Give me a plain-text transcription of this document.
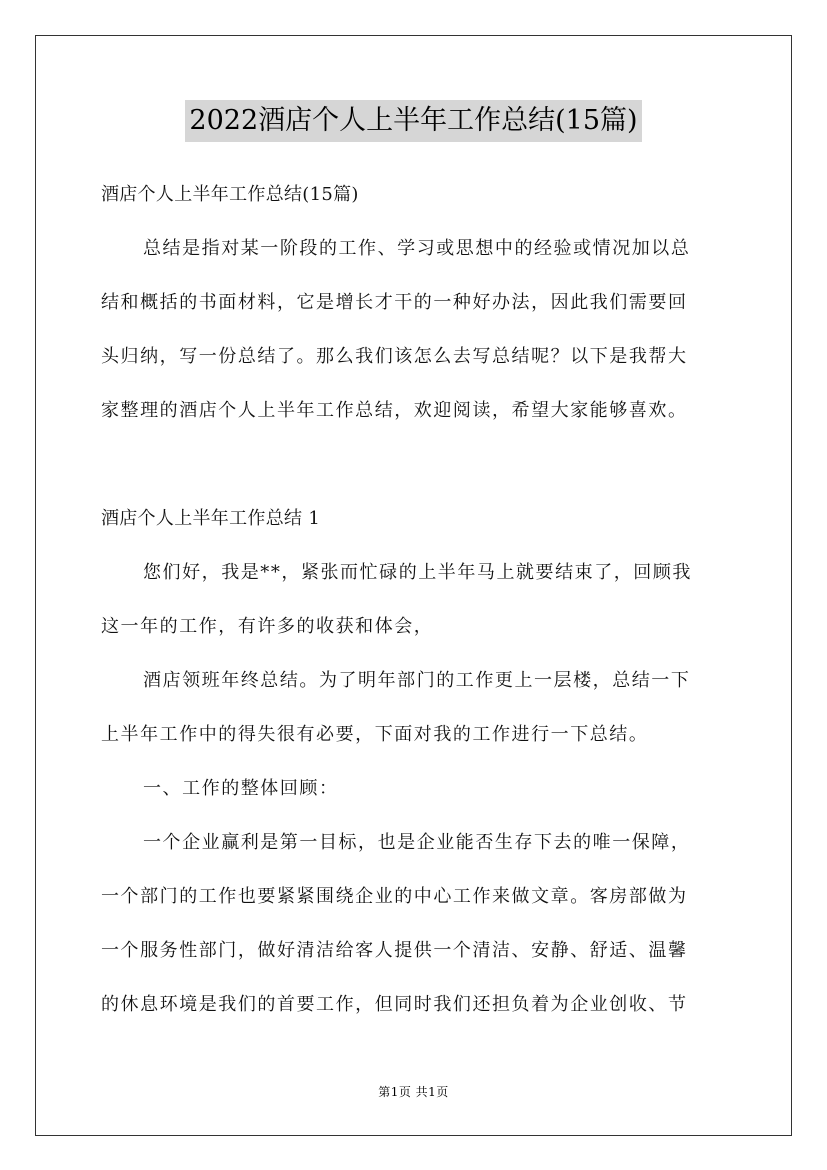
2022酒店个人上半年工作总结(15篇)
酒店个人上半年工作总结(15篇)
总结是指对某一阶段的工作、学习或思想中的经验或情况加以总
结和概括的书面材料，它是增长才干的一种好办法，因此我们需要回
头归纳，写一份总结了。那么我们该怎么去写总结呢？以下是我帮大
家整理的酒店个人上半年工作总结，欢迎阅读，希望大家能够喜欢。
酒店个人上半年工作总结 1
您们好，我是**，紧张而忙碌的上半年马上就要结束了，回顾我
这一年的工作，有许多的收获和体会，
酒店领班年终总结。为了明年部门的工作更上一层楼，总结一下
上半年工作中的得失很有必要，下面对我的工作进行一下总结。
一、工作的整体回顾：
一个企业赢利是第一目标，也是企业能否生存下去的唯一保障，
一个部门的工作也要紧紧围绕企业的中心工作来做文章。客房部做为
一个服务性部门，做好清洁给客人提供一个清洁、安静、舒适、温馨
的休息环境是我们的首要工作，但同时我们还担负着为企业创收、节
第1页 共1页
